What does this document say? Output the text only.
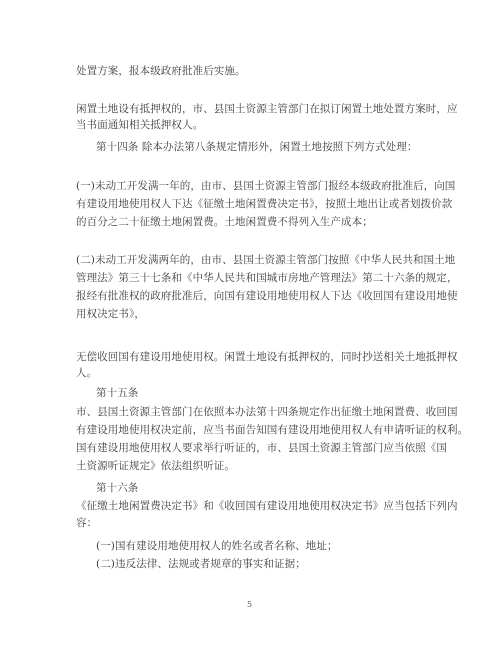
处置方案，报本级政府批准后实施。
闲置土地设有抵押权的，市、县国土资源主管部门在拟订闲置土地处置方案时，应
当书面通知相关抵押权人。
第十四条 除本办法第八条规定情形外，闲置土地按照下列方式处理：
(一)未动工开发满一年的，由市、县国土资源主管部门报经本级政府批准后，向国
有建设用地使用权人下达《征缴土地闲置费决定书》，按照土地出让或者划拨价款
的百分之二十征缴土地闲置费。土地闲置费不得列入生产成本；
(二)未动工开发满两年的，由市、县国土资源主管部门按照《中华人民共和国土地
管理法》第三十七条和《中华人民共和国城市房地产管理法》第二十六条的规定，
报经有批准权的政府批准后，向国有建设用地使用权人下达《收回国有建设用地使
用权决定书》，
无偿收回国有建设用地使用权。闲置土地设有抵押权的，同时抄送相关土地抵押权
人。
第十五条
市、县国土资源主管部门在依照本办法第十四条规定作出征缴土地闲置费、收回国
有建设用地使用权决定前，应当书面告知国有建设用地使用权人有申请听证的权利。
国有建设用地使用权人要求举行听证的，市、县国土资源主管部门应当依照《国
土资源听证规定》依法组织听证。
第十六条
《征缴土地闲置费决定书》和《收回国有建设用地使用权决定书》应当包括下列内
容：
(一)国有建设用地使用权人的姓名或者名称、地址；
(二)违反法律、法规或者规章的事实和证据；
5
